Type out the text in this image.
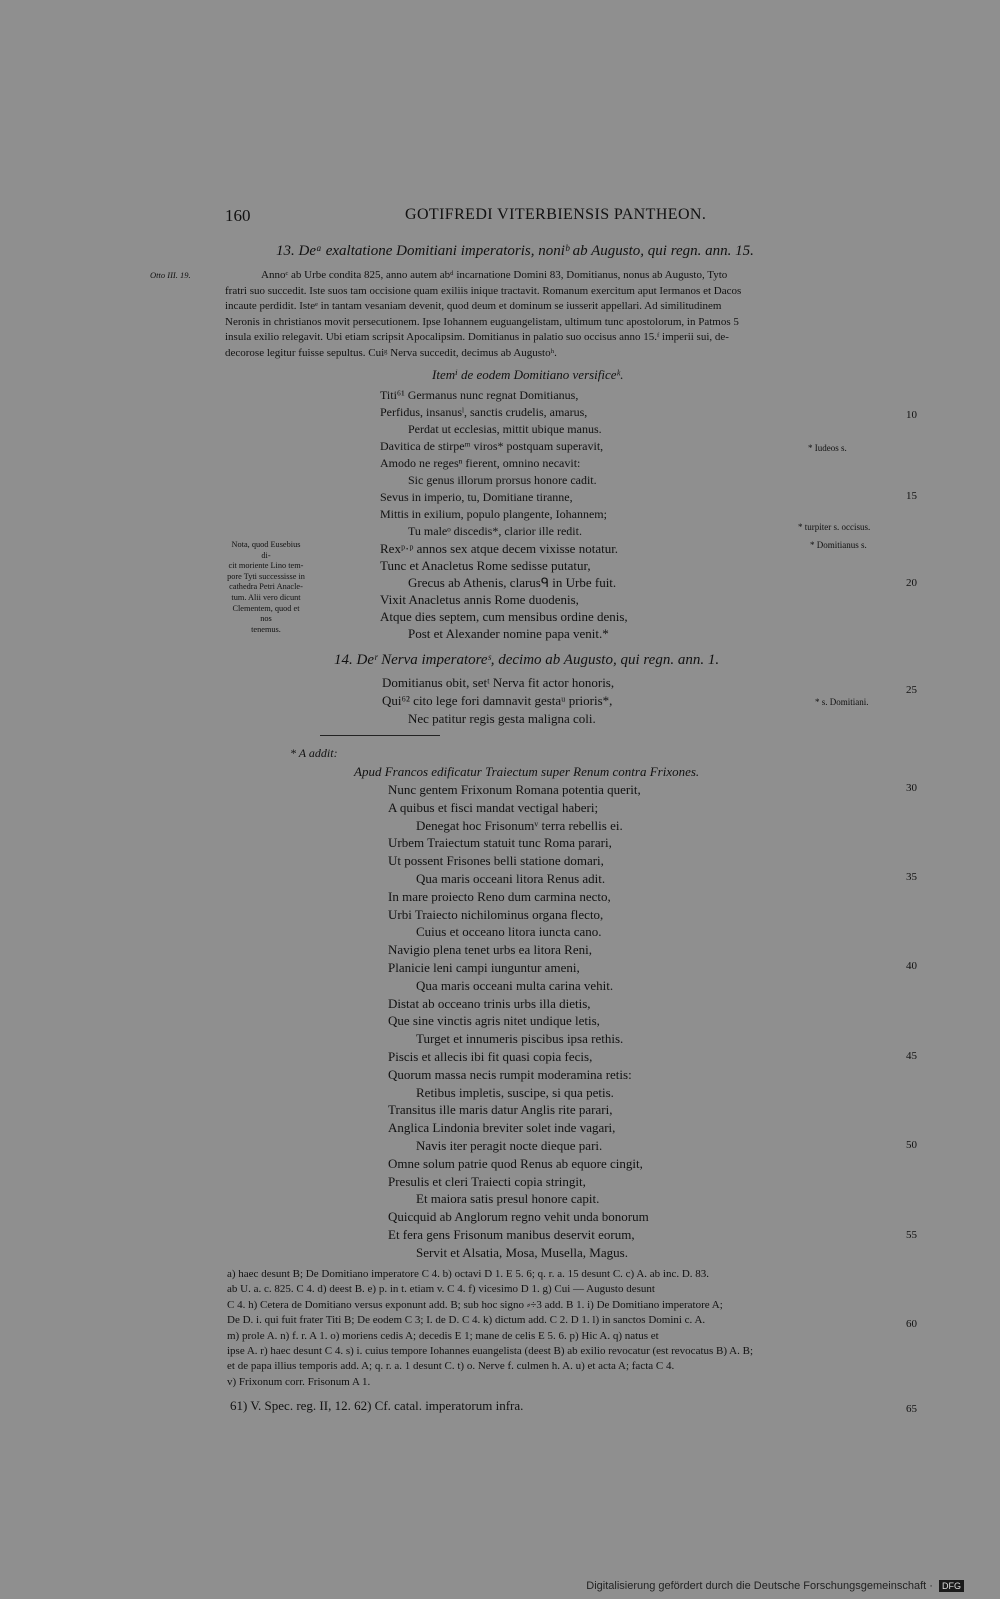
160	GOTIFREDI VITERBIENSIS PANTHEON.
13. Deᵃ exaltatione Domitiani imperatoris, noniᵇ ab Augusto, qui regn. ann. 15.
Otto III. 19.	Annoᶜ ab Urbe condita 825, anno autem abᵈ incarnatione Domini 83, Domitianus, nonus ab Augusto, Tyto
fratri suo succedit. Iste suos tam occisione quam exiliis inique tractavit. Romanum exercitum aput Iermanos et Dacos
incaute perdidit. Isteᵉ in tantam vesaniam devenit, quod deum et dominum se iusserit appellari. Ad similitudinem
Neronis in christianos movit persecutionem. Ipse Iohannem euguangelistam, ultimum tunc apostolorum, in Patmos 5
insula exilio relegavit. Ubi etiam scripsit Apocalipsim. Domitianus in palatio suo occisus anno 15.ᶠ imperii sui, de-
decorose legitur fuisse sepultus. Cuiᵍ Nerva succedit, decimus ab Augustoʰ.
Itemⁱ de eodem Domitiano versificeᵏ.
Titi⁶¹ Germanus nunc regnat Domitianus,
Perfidus, insanusˡ, sanctis crudelis, amarus,
Perdat ut ecclesias, mittit ubique manus.
Davitica de stirpeᵐ viros* postquam superavit,
Amodo ne regesⁿ fierent, omnino necavit:
Sic genus illorum prorsus honore cadit.
Sevus in imperio, tu, Domitiane tiranne,
Mittis in exilium, populo plangente, Iohannem;
Tu maleᵒ discedis*, clarior ille redit.
Rexᵖ·ᵖ annos sex atque decem vixisse notatur.
Tunc et Anacletus Rome sedisse putatur,
Grecus ab Athenis, clarusᑫ in Urbe fuit.
Vixit Anacletus annis Rome duodenis,
Atque dies septem, cum mensibus ordine denis,
Post et Alexander nomine papa venit.*
* Iudeos s.
* turpiter s. occisus.
* Domitianus s.
Nota, quod Eusebius di-
cit moriente Lino tem-
pore Tyti successisse in
cathedra Petri Anacle-
tum. Alii vero dicunt
Clementem, quod et nos
tenemus.
14. Deʳ Nerva imperatoreˢ, decimo ab Augusto, qui regn. ann. 1.
Domitianus obit, setᵗ Nerva fit actor honoris,
Qui⁶² cito lege fori damnavit gestaᵘ prioris*,
Nec patitur regis gesta maligna coli.
* s. Domitiani.
* A addit:
Apud Francos edificatur Traiectum super Renum contra Frixones.
Nunc gentem Frixonum Romana potentia querit,
A quibus et fisci mandat vectigal haberi;
Denegat hoc Frisonumᵛ terra rebellis ei.
Urbem Traiectum statuit tunc Roma parari,
Ut possent Frisones belli statione domari,
Qua maris occeani litora Renus adit.
In mare proiecto Reno dum carmina necto,
Urbi Traiecto nichilominus organa flecto,
Cuius et occeano litora iuncta cano.
Navigio plena tenet urbs ea litora Reni,
Planicie leni campi iunguntur ameni,
Qua maris occeani multa carina vehit.
Distat ab occeano trinis urbs illa dietis,
Que sine vinctis agris nitet undique letis,
Turget et innumeris piscibus ipsa rethis.
Piscis et allecis ibi fit quasi copia fecis,
Quorum massa necis rumpit moderamina retis:
Retibus impletis, suscipe, si qua petis.
Transitus ille maris datur Anglis rite parari,
Anglica Lindonia breviter solet inde vagari,
Navis iter peragit nocte dieque pari.
Omne solum patrie quod Renus ab equore cingit,
Presulis et cleri Traiecti copia stringit,
Et maiora satis presul honore capit.
Quicquid ab Anglorum regno vehit unda bonorum
Et fera gens Frisonum manibus deservit eorum,
Servit et Alsatia, Mosa, Musella, Magus.
10
15
20
25
30
35
40
45
50
55
60
65
a) haec desunt B; De Domitiano imperatore C 4. b) octavi D 1. E 5. 6; q. r. a. 15 desunt C. c) A. ab inc. D. 83.
ab U. a. c. 825. C 4. d) deest B. e) p. in t. etiam v. C 4. f) vicesimo D 1. g) Cui — Augusto desunt
C 4. h) Cetera de Domitiano versus exponunt add. B; sub hoc signo ⸗÷3 add. B 1. i) De Domitiano imperatore A;
De D. i. qui fuit frater Titi B; De eodem C 3; I. de D. C 4. k) dictum add. C 2. D 1. l) in sanctos Domini c. A.
m) prole A. n) f. r. A 1. o) moriens cedis A; decedis E 1; mane de celis E 5. 6. p) Hic A. q) natus et
ipse A. r) haec desunt C 4. s) i. cuius tempore Iohannes euangelista (deest B) ab exilio revocatur (est revocatus B) A. B;
et de papa illius temporis add. A; q. r. a. 1 desunt C. t) o. Nerve f. culmen h. A. u) et acta A; facta C 4.
v) Frixonum corr. Frisonum A 1.
61) V. Spec. reg. II, 12. 62) Cf. catal. imperatorum infra.
Digitalisierung gefördert durch die Deutsche Forschungsgemeinschaft · DFG
